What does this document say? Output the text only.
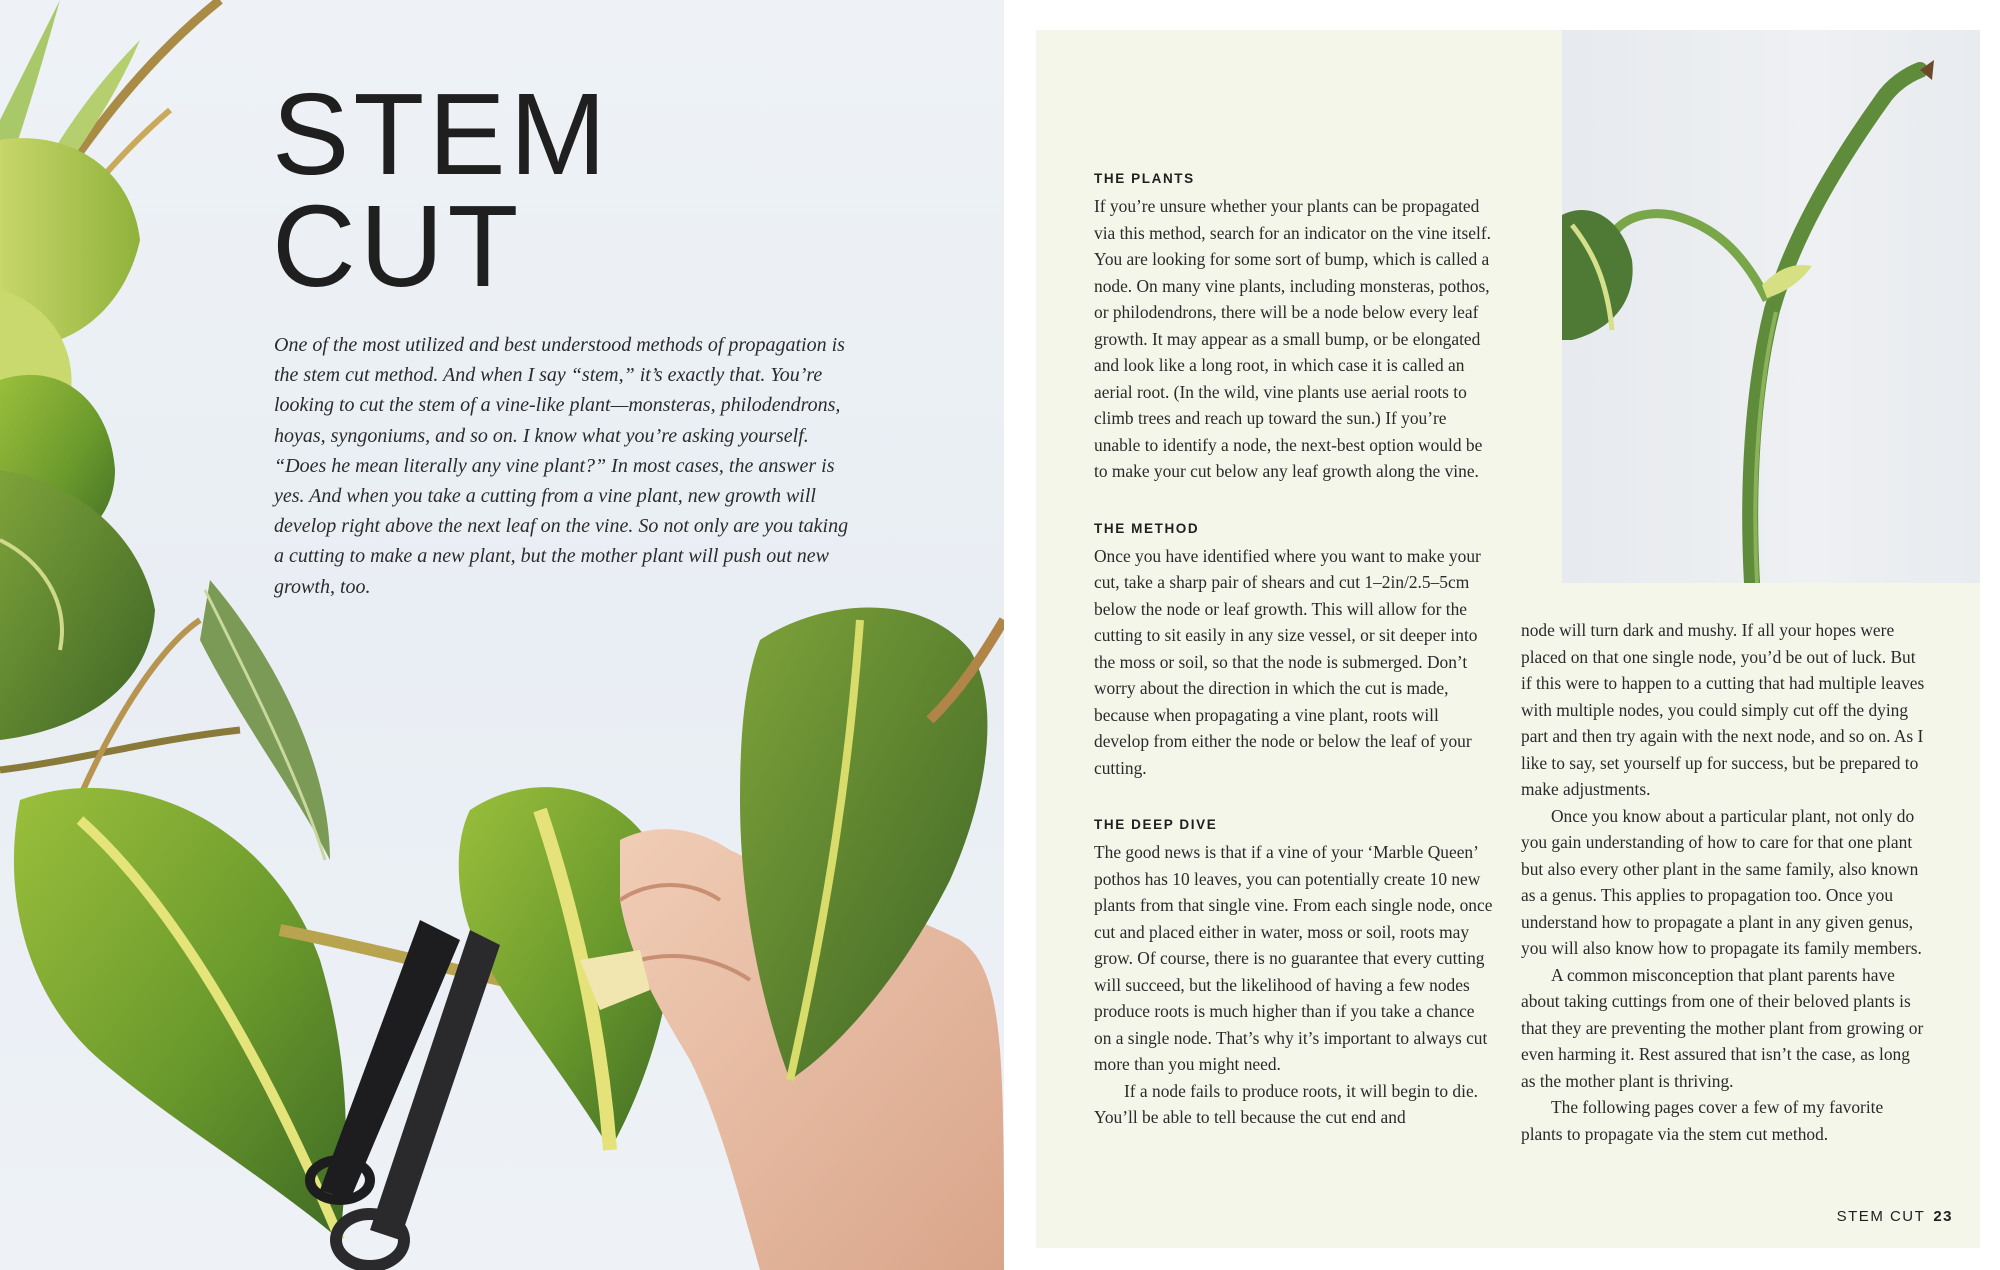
STEM
CUT

One of the most utilized and best understood methods of propagation is the stem cut method. And when I say “stem,” it’s exactly that. You’re looking to cut the stem of a vine-like plant—monsteras, philodendrons, hoyas, syngoniums, and so on. I know what you’re asking yourself. “Does he mean literally any vine plant?” In most cases, the answer is yes. And when you take a cutting from a vine plant, new growth will develop right above the next leaf on the vine. So not only are you taking a cutting to make a new plant, but the mother plant will push out new growth, too.

THE PLANTS

If you’re unsure whether your plants can be propagated via this method, search for an indicator on the vine itself. You are looking for some sort of bump, which is called a node. On many vine plants, including monsteras, pothos, or philodendrons, there will be a node below every leaf growth. It may appear as a small bump, or be elongated and look like a long root, in which case it is called an aerial root. (In the wild, vine plants use aerial roots to climb trees and reach up toward the sun.) If you’re unable to identify a node, the next-best option would be to make your cut below any leaf growth along the vine.

THE METHOD

Once you have identified where you want to make your cut, take a sharp pair of shears and cut 1–2in/2.5–5cm below the node or leaf growth. This will allow for the cutting to sit easily in any size vessel, or sit deeper into the moss or soil, so that the node is submerged. Don’t worry about the direction in which the cut is made, because when propagating a vine plant, roots will develop from either the node or below the leaf of your cutting.

THE DEEP DIVE

The good news is that if a vine of your ‘Marble Queen’ pothos has 10 leaves, you can potentially create 10 new plants from that single vine. From each single node, once cut and placed either in water, moss or soil, roots may grow. Of course, there is no guarantee that every cutting will succeed, but the likelihood of having a few nodes produce roots is much higher than if you take a chance on a single node. That’s why it’s important to always cut more than you might need.

If a node fails to produce roots, it will begin to die. You’ll be able to tell because the cut end and

node will turn dark and mushy. If all your hopes were placed on that one single node, you’d be out of luck. But if this were to happen to a cutting that had multiple leaves with multiple nodes, you could simply cut off the dying part and then try again with the next node, and so on. As I like to say, set yourself up for success, but be prepared to make adjustments.

Once you know about a particular plant, not only do you gain understanding of how to care for that one plant but also every other plant in the same family, also known as a genus. This applies to propagation too. Once you understand how to propagate a plant in any given genus, you will also know how to propagate its family members.

A common misconception that plant parents have about taking cuttings from one of their beloved plants is that they are preventing the mother plant from growing or even harming it. Rest assured that isn’t the case, as long as the mother plant is thriving.

The following pages cover a few of my favorite plants to propagate via the stem cut method.

STEM CUT 23
